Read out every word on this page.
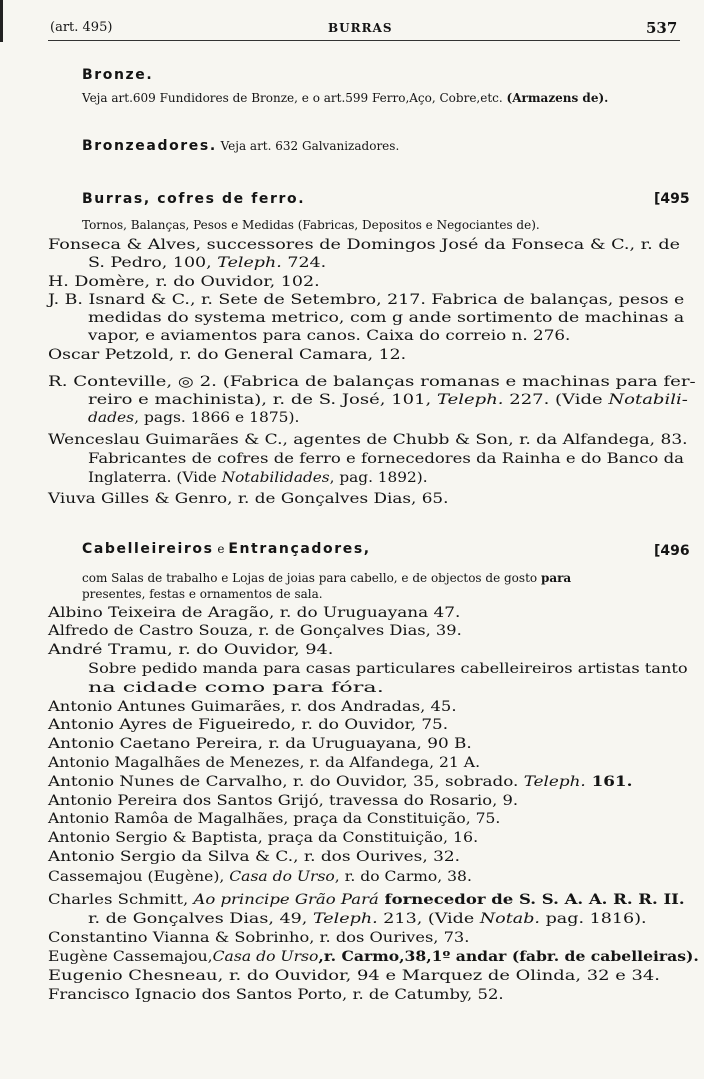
(art. 495)	BURRAS	537
Bronze.
Veja art.609 Fundidores de Bronze, e o art.599 Ferro,Aço, Cobre,etc. (Armazens de).
Bronzeadores. Veja art. 632 Galvanizadores.
Burras, cofres de ferro.	[495
Tornos, Balanças, Pesos e Medidas (Fabricas, Depositos e Negociantes de).
Fonseca & Alves, successores de Domingos José da Fonseca & C., r. de
S. Pedro, 100, Teleph. 724.
H. Domère, r. do Ouvidor, 102.
J. B. Isnard & C., r. Sete de Setembro, 217. Fabrica de balanças, pesos e
medidas do systema metrico, com g ande sortimento de machinas a
vapor, e aviamentos para canos. Caixa do correio n. 276.
Oscar Petzold, r. do General Camara, 12.
R. Conteville, ◎ 2. (Fabrica de balanças romanas e machinas para fer-
reiro e machinista), r. de S. José, 101, Teleph. 227. (Vide Notabili-
dades, pags. 1866 e 1875).
Wenceslau Guimarães & C., agentes de Chubb & Son, r. da Alfandega, 83.
Fabricantes de cofres de ferro e fornecedores da Rainha e do Banco da
Inglaterra. (Vide Notabilidades, pag. 1892).
Viuva Gilles & Genro, r. de Gonçalves Dias, 65.
Cabelleireiros e Entrançadores,	[496
com Salas de trabalho e Lojas de joias para cabello, e de objectos de gosto para
presentes, festas e ornamentos de sala.
Albino Teixeira de Aragão, r. do Uruguayana 47.
Alfredo de Castro Souza, r. de Gonçalves Dias, 39.
André Tramu, r. do Ouvidor, 94.
Sobre pedido manda para casas particulares cabelleireiros artistas tanto
na cidade como para fóra.
Antonio Antunes Guimarães, r. dos Andradas, 45.
Antonio Ayres de Figueiredo, r. do Ouvidor, 75.
Antonio Caetano Pereira, r. da Uruguayana, 90 B.
Antonio Magalhães de Menezes, r. da Alfandega, 21 A.
Antonio Nunes de Carvalho, r. do Ouvidor, 35, sobrado. Teleph. 161.
Antonio Pereira dos Santos Grijó, travessa do Rosario, 9.
Antonio Ramôa de Magalhães, praça da Constituição, 75.
Antonio Sergio & Baptista, praça da Constituição, 16.
Antonio Sergio da Silva & C., r. dos Ourives, 32.
Cassemajou (Eugène), Casa do Urso, r. do Carmo, 38.
Charles Schmitt, Ao principe Grão Pará fornecedor de S. S. A. A. R. R. II.
r. de Gonçalves Dias, 49, Teleph. 213, (Vide Notab. pag. 1816).
Constantino Vianna & Sobrinho, r. dos Ourives, 73.
Eugène Cassemajou,Casa do Urso,r. Carmo,38,1º andar (fabr. de cabelleiras).
Eugenio Chesneau, r. do Ouvidor, 94 e Marquez de Olinda, 32 e 34.
Francisco Ignacio dos Santos Porto, r. de Catumby, 52.
